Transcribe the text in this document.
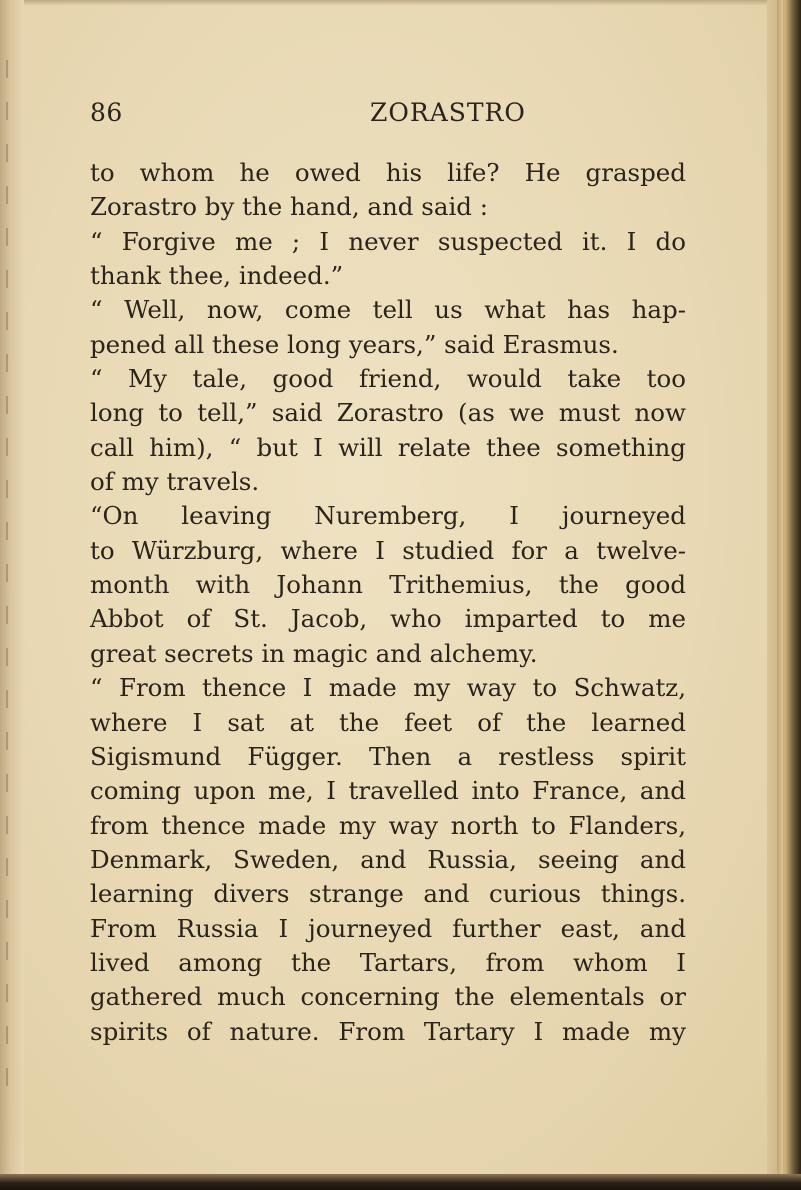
86	ZORASTRO
to whom he owed his life? He grasped
Zorastro by the hand, and said :
“ Forgive me ; I never suspected it. I do
thank thee, indeed.”
“ Well, now, come tell us what has hap-
pened all these long years,” said Erasmus.
“ My tale, good friend, would take too
long to tell,” said Zorastro (as we must now
call him), “ but I will relate thee something
of my travels.
“On leaving Nuremberg, I journeyed
to Würzburg, where I studied for a twelve-
month with Johann Trithemius, the good
Abbot of St. Jacob, who imparted to me
great secrets in magic and alchemy.
“ From thence I made my way to Schwatz,
where I sat at the feet of the learned
Sigismund Függer. Then a restless spirit
coming upon me, I travelled into France, and
from thence made my way north to Flanders,
Denmark, Sweden, and Russia, seeing and
learning divers strange and curious things.
From Russia I journeyed further east, and
lived among the Tartars, from whom I
gathered much concerning the elementals or
spirits of nature. From Tartary I made my
